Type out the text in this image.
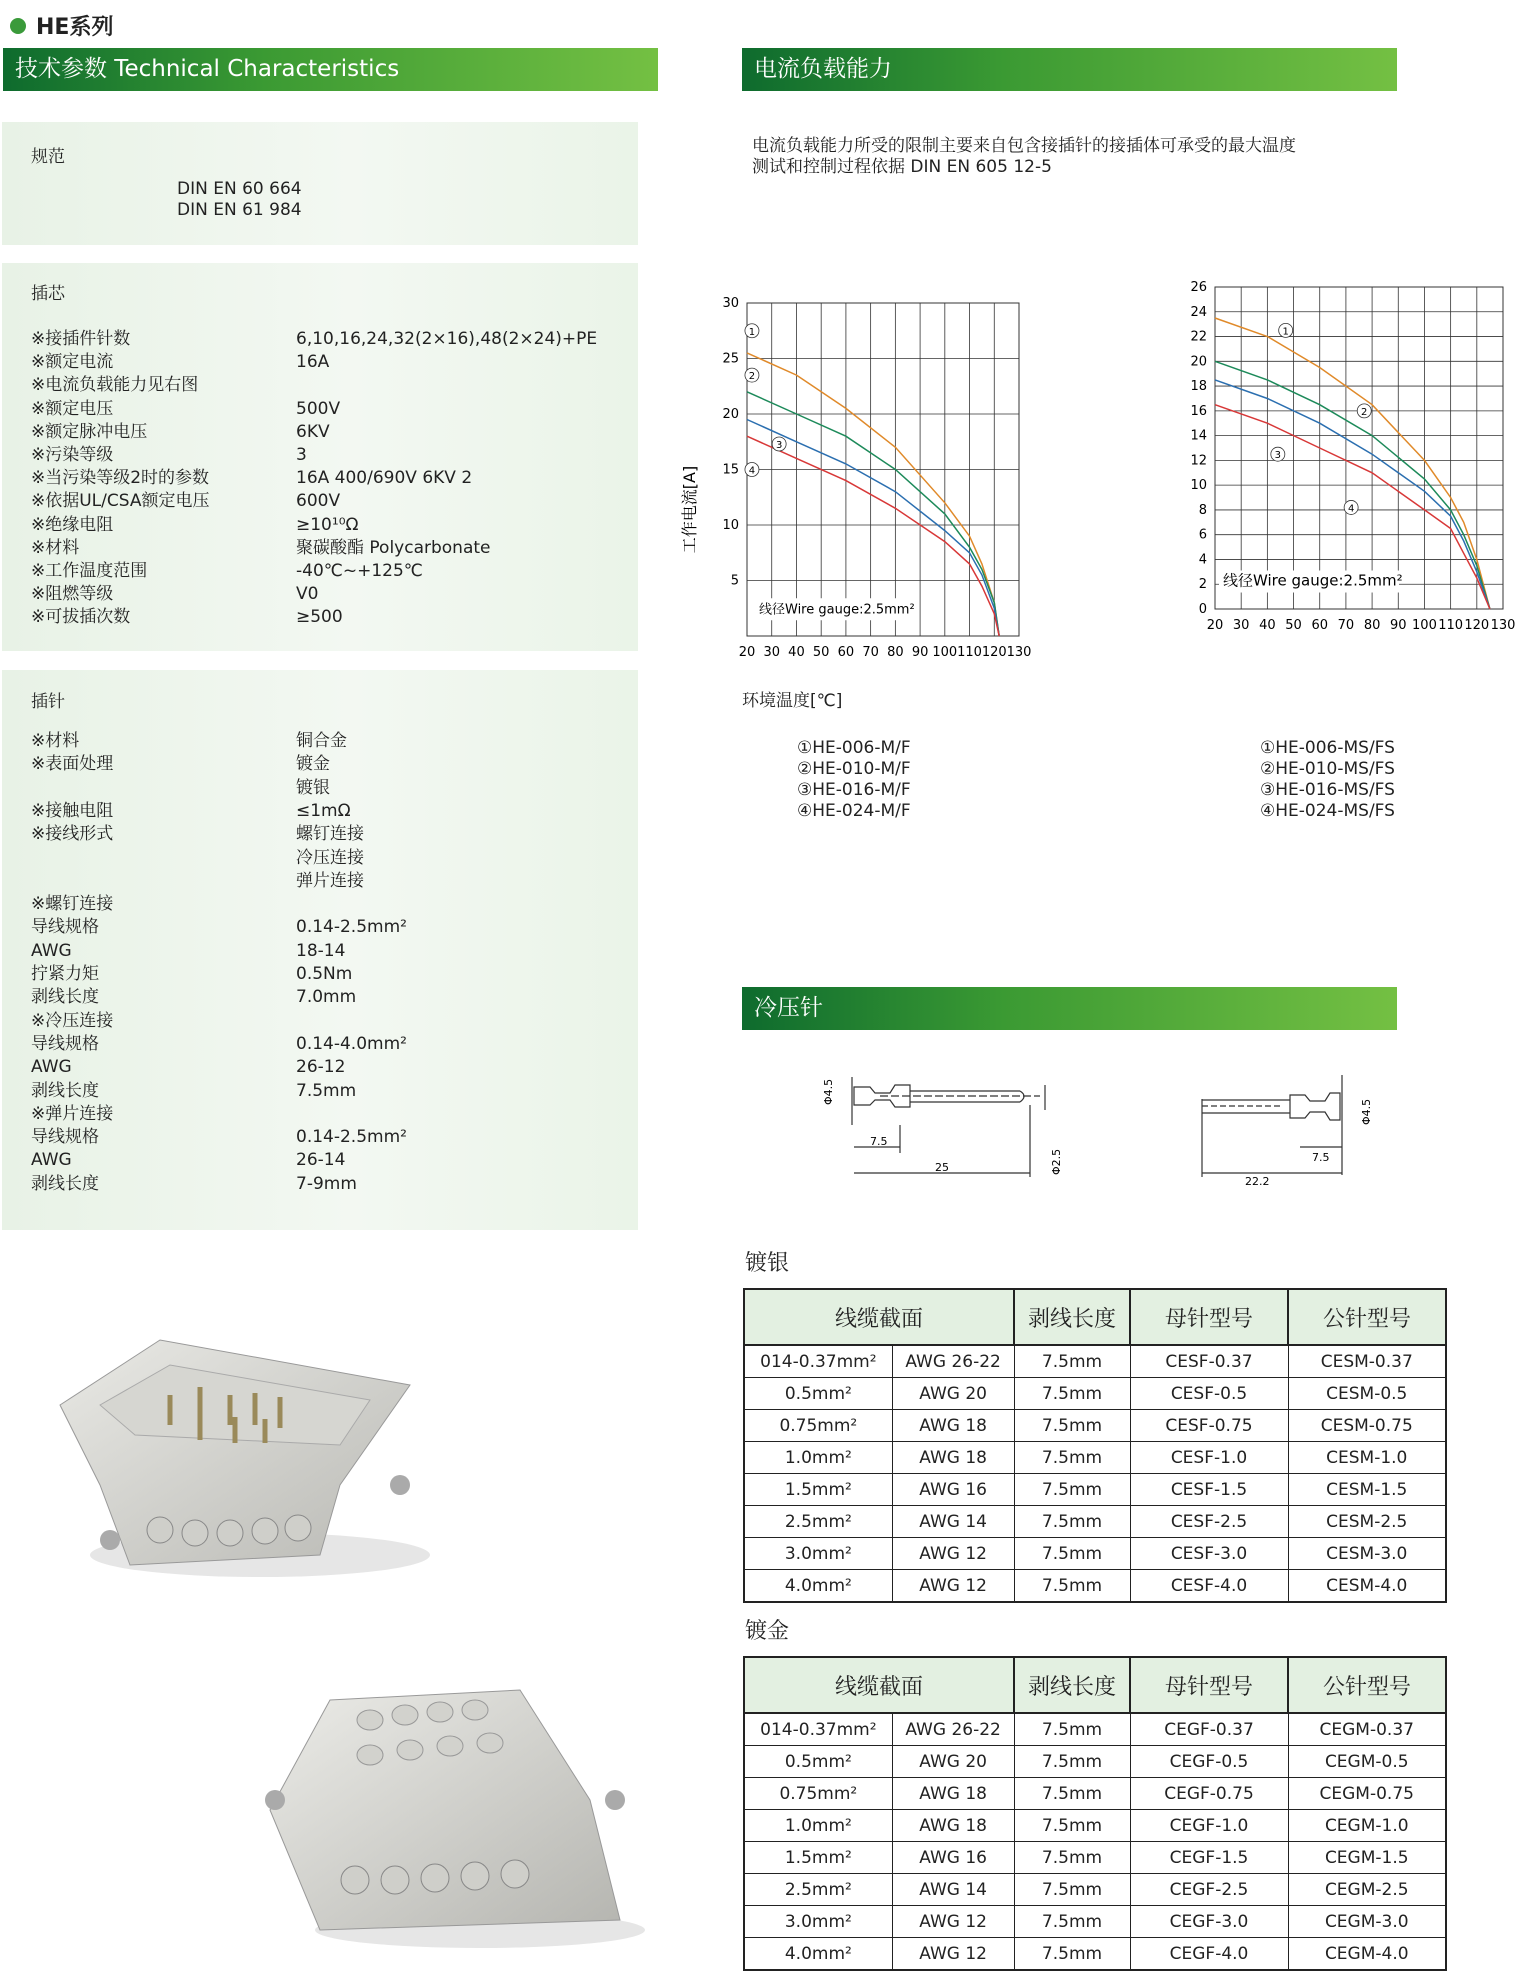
HE系列
技术参数 Technical Characteristics
规范
DIN EN 60 664
DIN EN 61 984
插芯
※接插件针数	6,10,16,24,32(2×16),48(2×24)+PE
※额定电流	16A
※电流负载能力见右图
※额定电压	500V
※额定脉冲电压	6KV
※污染等级	3
※当污染等级2时的参数	16A 400/690V 6KV 2
※依据UL/CSA额定电压	600V
※绝缘电阻	≥10¹⁰Ω
※材料	聚碳酸酯 Polycarbonate
※工作温度范围	-40℃~+125℃
※阻燃等级	V0
※可拔插次数	≥500
插针
※材料	铜合金
※表面处理	镀金
镀银
※接触电阻	≤1mΩ
※接线形式	螺钉连接
冷压连接
弹片连接
※螺钉连接
导线规格	0.14-2.5mm²
AWG	18-14
拧紧力矩	0.5Nm
剥线长度	7.0mm
※冷压连接
导线规格	0.14-4.0mm²
AWG	26-12
剥线长度	7.5mm
※弹片连接
导线规格	0.14-2.5mm²
AWG	26-14
剥线长度	7-9mm
电流负载能力
电流负载能力所受的限制主要来自包含接插针的接插体可承受的最大温度
测试和控制过程依据 DIN EN 605 12-5
20 30 40 50 60 70 80 90 100 110 120 130
5
10
15
20
25
30
线径Wire gauge:2.5mm²
1
2
3
4
工作电流[A]
20 30 40 50 60 70 80 90 100 110 120 130
0
2
4
6
8
10
12
14
16
18
20
22
24
26
线径Wire gauge:2.5mm²
1
2
3
4
环境温度[℃]
①HE-006-M/F
②HE-010-M/F
③HE-016-M/F
④HE-024-M/F
①HE-006-MS/FS
②HE-010-MS/FS
③HE-016-MS/FS
④HE-024-MS/FS
冷压针
Φ4.5
7.5
25	Φ2.5
22.2
7.5
Φ4.5
镀银
线缆截面		剥线长度	母针型号	公针型号
014-0.37mm²	AWG 26-22	7.5mm	CESF-0.37	CESM-0.37
0.5mm²	AWG 20	7.5mm	CESF-0.5	CESM-0.5
0.75mm²	AWG 18	7.5mm	CESF-0.75	CESM-0.75
1.0mm²	AWG 18	7.5mm	CESF-1.0	CESM-1.0
1.5mm²	AWG 16	7.5mm	CESF-1.5	CESM-1.5
2.5mm²	AWG 14	7.5mm	CESF-2.5	CESM-2.5
3.0mm²	AWG 12	7.5mm	CESF-3.0	CESM-3.0
4.0mm²	AWG 12	7.5mm	CESF-4.0	CESM-4.0
镀金
线缆截面		剥线长度	母针型号	公针型号
014-0.37mm²	AWG 26-22	7.5mm	CEGF-0.37	CEGM-0.37
0.5mm²	AWG 20	7.5mm	CEGF-0.5	CEGM-0.5
0.75mm²	AWG 18	7.5mm	CEGF-0.75	CEGM-0.75
1.0mm²	AWG 18	7.5mm	CEGF-1.0	CEGM-1.0
1.5mm²	AWG 16	7.5mm	CEGF-1.5	CEGM-1.5
2.5mm²	AWG 14	7.5mm	CEGF-2.5	CEGM-2.5
3.0mm²	AWG 12	7.5mm	CEGF-3.0	CEGM-3.0
4.0mm²	AWG 12	7.5mm	CEGF-4.0	CEGM-4.0
